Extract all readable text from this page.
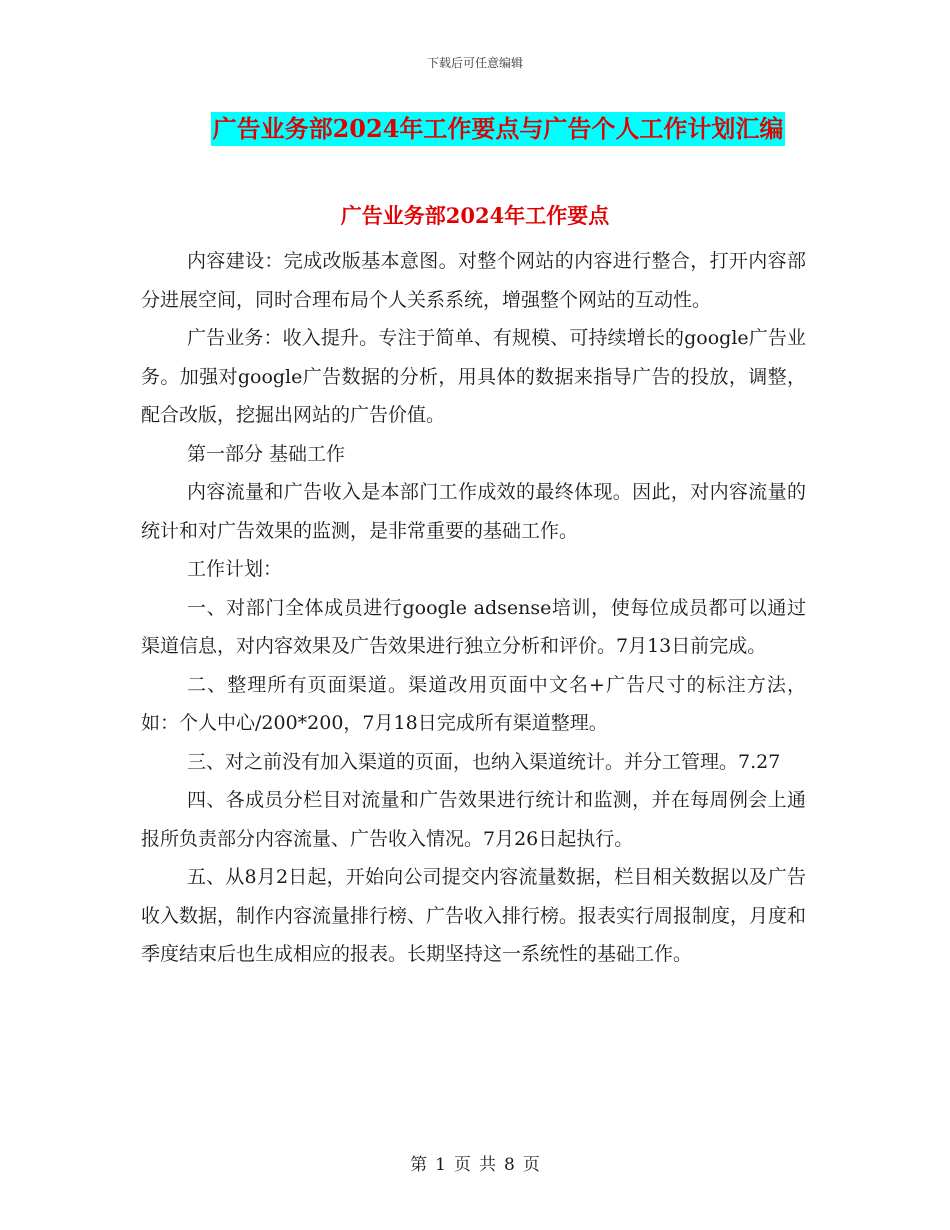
下载后可任意编辑
广告业务部2024年工作要点与广告个人工作计划汇编
广告业务部2024年工作要点

内容建设：完成改版基本意图。对整个网站的内容进行整合，打开内容部分进展空间，同时合理布局个人关系系统，增强整个网站的互动性。

广告业务：收入提升。专注于简单、有规模、可持续增长的google广告业务。加强对google广告数据的分析，用具体的数据来指导广告的投放，调整，配合改版，挖掘出网站的广告价值。

第一部分 基础工作

内容流量和广告收入是本部门工作成效的最终体现。因此，对内容流量的统计和对广告效果的监测，是非常重要的基础工作。

工作计划：

一、对部门全体成员进行google adsense培训，使每位成员都可以通过渠道信息，对内容效果及广告效果进行独立分析和评价。7月13日前完成。

二、整理所有页面渠道。渠道改用页面中文名+广告尺寸的标注方法，如：个人中心/200*200，7月18日完成所有渠道整理。

三、对之前没有加入渠道的页面，也纳入渠道统计。并分工管理。7.27

四、各成员分栏目对流量和广告效果进行统计和监测，并在每周例会上通报所负责部分内容流量、广告收入情况。7月26日起执行。

五、从8月2日起，开始向公司提交内容流量数据，栏目相关数据以及广告收入数据，制作内容流量排行榜、广告收入排行榜。报表实行周报制度，月度和季度结束后也生成相应的报表。长期坚持这一系统性的基础工作。

第 1 页 共 8 页
